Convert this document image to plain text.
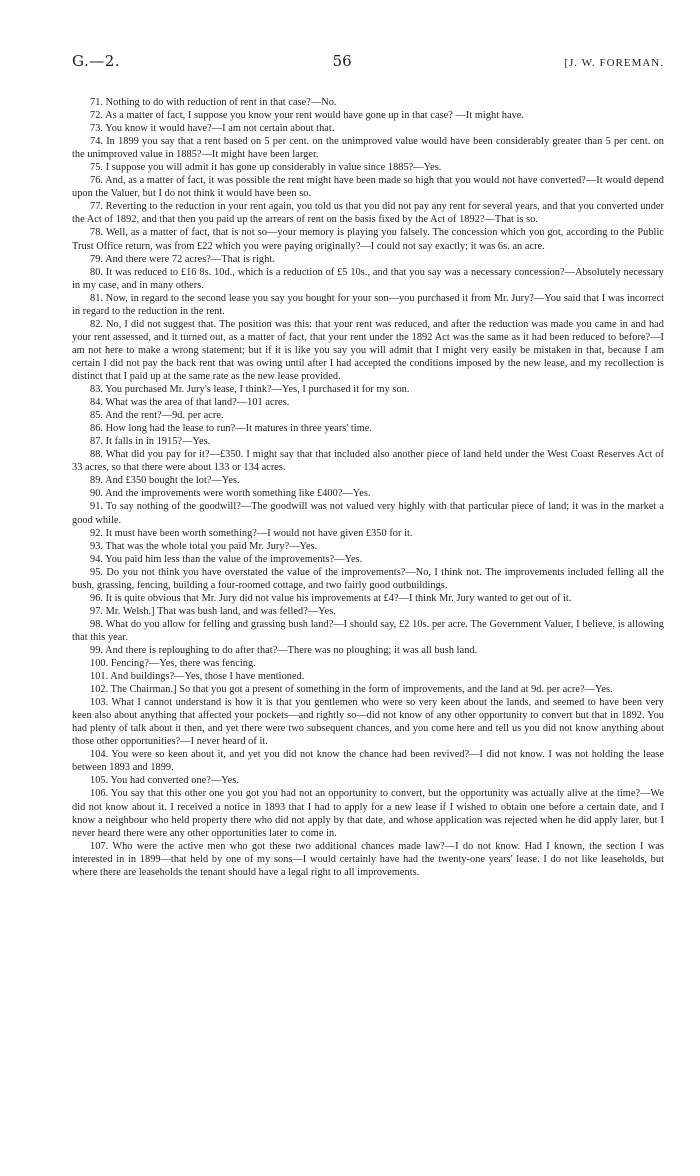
G.—2.	56	[J. W. FOREMAN.

71. Nothing to do with reduction of rent in that case?—No.

72. As a matter of fact, I suppose you know your rent would have gone up in that case? —It might have.

73. You know it would have?—I am not certain about that.

74. In 1899 you say that a rent based on 5 per cent. on the unimproved value would have been considerably greater than 5 per cent. on the unimproved value in 1885?—It might have been larger.

75. I suppose you will admit it has gone up considerably in value since 1885?—Yes.

76. And, as a matter of fact, it was possible the rent might have been made so high that you would not have converted?—It would depend upon the Valuer, but I do not think it would have been so.

77. Reverting to the reduction in your rent again, you told us that you did not pay any rent for several years, and that you converted under the Act of 1892, and that then you paid up the arrears of rent on the basis fixed by the Act of 1892?—That is so.

78. Well, as a matter of fact, that is not so—your memory is playing you falsely. The concession which you got, according to the Public Trust Office return, was from £22 which you were paying originally?—I could not say exactly; it was 6s. an acre.

79. And there were 72 acres?—That is right.

80. It was reduced to £16 8s. 10d., which is a reduction of £5 10s., and that you say was a necessary concession?—Absolutely necessary in my case, and in many others.

81. Now, in regard to the second lease you say you bought for your son—you purchased it from Mr. Jury?—You said that I was incorrect in regard to the reduction in the rent.

82. No, I did not suggest that. The position was this: that your rent was reduced, and after the reduction was made you came in and had your rent assessed, and it turned out, as a matter of fact, that your rent under the 1892 Act was the same as it had been reduced to before?—I am not here to make a wrong statement; but if it is like you say you will admit that I might very easily be mistaken in that, because I am certain I did not pay the back rent that was owing until after I had accepted the conditions imposed by the new lease, and my recollection is distinct that I paid up at the same rate as the new lease provided.

83. You purchased Mr. Jury's lease, I think?—Yes, I purchased it for my son.

84. What was the area of that land?—101 acres.

85. And the rent?—9d. per acre.

86. How long had the lease to run?—It matures in three years' time.

87. It falls in in 1915?—Yes.

88. What did you pay for it?—£350. I might say that that included also another piece of land held under the West Coast Reserves Act of 33 acres, so that there were about 133 or 134 acres.

89. And £350 bought the lot?—Yes.

90. And the improvements were worth something like £400?—Yes.

91. To say nothing of the goodwill?—The goodwill was not valued very highly with that particular piece of land; it was in the market a good while.

92. It must have been worth something?—I would not have given £350 for it.

93. That was the whole total you paid Mr. Jury?—Yes.

94. You paid him less than the value of the improvements?—Yes.

95. Do you not think you have overstated the value of the improvements?—No, I think not. The improvements included felling all the bush, grassing, fencing, building a four-roomed cottage, and two fairly good outbuildings.

96. It is quite obvious that Mr. Jury did not value his improvements at £4?—I think Mr. Jury wanted to get out of it.

97. Mr. Welsh.] That was bush land, and was felled?—Yes.

98. What do you allow for felling and grassing bush land?—I should say, £2 10s. per acre. The Government Valuer, I believe, is allowing that this year.

99. And there is reploughing to do after that?—There was no ploughing; it was all bush land.

100. Fencing?—Yes, there was fencing.

101. And buildings?—Yes, those I have mentioned.

102. The Chairman.] So that you got a present of something in the form of improvements, and the land at 9d. per acre?—Yes.

103. What I cannot understand is how it is that you gentlemen who were so very keen about the lands, and seemed to have been very keen also about anything that affected your pockets—and rightly so—did not know of any other opportunity to convert but that in 1892. You had plenty of talk about it then, and yet there were two subsequent chances, and you come here and tell us you did not know anything about those other opportunities?—I never heard of it.

104. You were so keen about it, and yet you did not know the chance had been revived?—I did not know. I was not holding the lease between 1893 and 1899.

105. You had converted one?—Yes.

106. You say that this other one you got you had not an opportunity to convert, but the opportunity was actually alive at the time?—We did not know about it. I received a notice in 1893 that I had to apply for a new lease if I wished to obtain one before a certain date, and I know a neighbour who held property there who did not apply by that date, and whose application was rejected when he did apply later, but I never heard there were any other opportunities later to come in.

107. Who were the active men who got these two additional chances made law?—I do not know. Had I known, the section I was interested in in 1899—that held by one of my sons—I would certainly have had the twenty-one years' lease. I do not like leaseholds, but where there are leaseholds the tenant should have a legal right to all improvements.
